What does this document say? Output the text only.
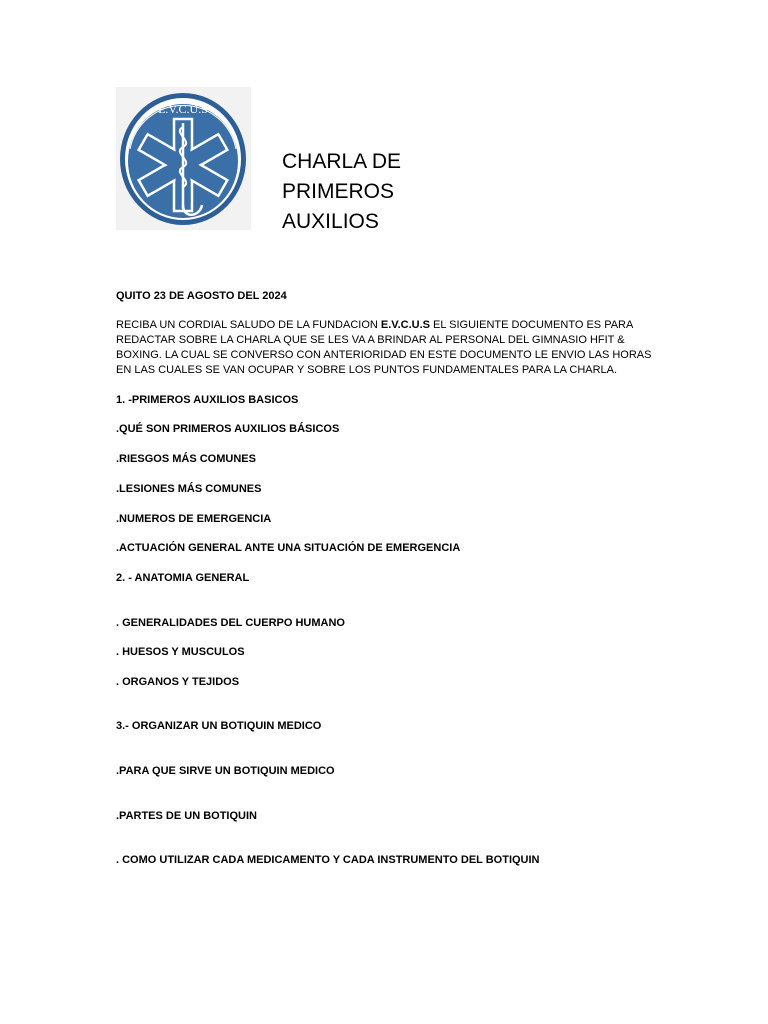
E.V.C.U.S
CHARLA DE
PRIMEROS
AUXILIOS
QUITO 23 DE AGOSTO DEL 2024
RECIBA UN CORDIAL SALUDO DE LA FUNDACION E.V.C.U.S EL SIGUIENTE DOCUMENTO ES PARA REDACTAR SOBRE LA CHARLA QUE SE LES VA A BRINDAR AL PERSONAL DEL GIMNASIO HFIT & BOXING. LA CUAL SE CONVERSO CON ANTERIORIDAD EN ESTE DOCUMENTO LE ENVIO LAS HORAS EN LAS CUALES SE VAN OCUPAR Y SOBRE LOS PUNTOS FUNDAMENTALES PARA LA CHARLA.
1. -PRIMEROS AUXILIOS BASICOS
.QUÉ SON PRIMEROS AUXILIOS BÁSICOS
.RIESGOS MÁS COMUNES
.LESIONES MÁS COMUNES
.NUMEROS DE EMERGENCIA
.ACTUACIÓN GENERAL ANTE UNA SITUACIÓN DE EMERGENCIA
2. - ANATOMIA GENERAL
. GENERALIDADES DEL CUERPO HUMANO
. HUESOS Y MUSCULOS
. ORGANOS Y TEJIDOS
3.- ORGANIZAR UN BOTIQUIN MEDICO
.PARA QUE SIRVE UN BOTIQUIN MEDICO
.PARTES DE UN BOTIQUIN
. COMO UTILIZAR CADA MEDICAMENTO Y CADA INSTRUMENTO DEL BOTIQUIN
